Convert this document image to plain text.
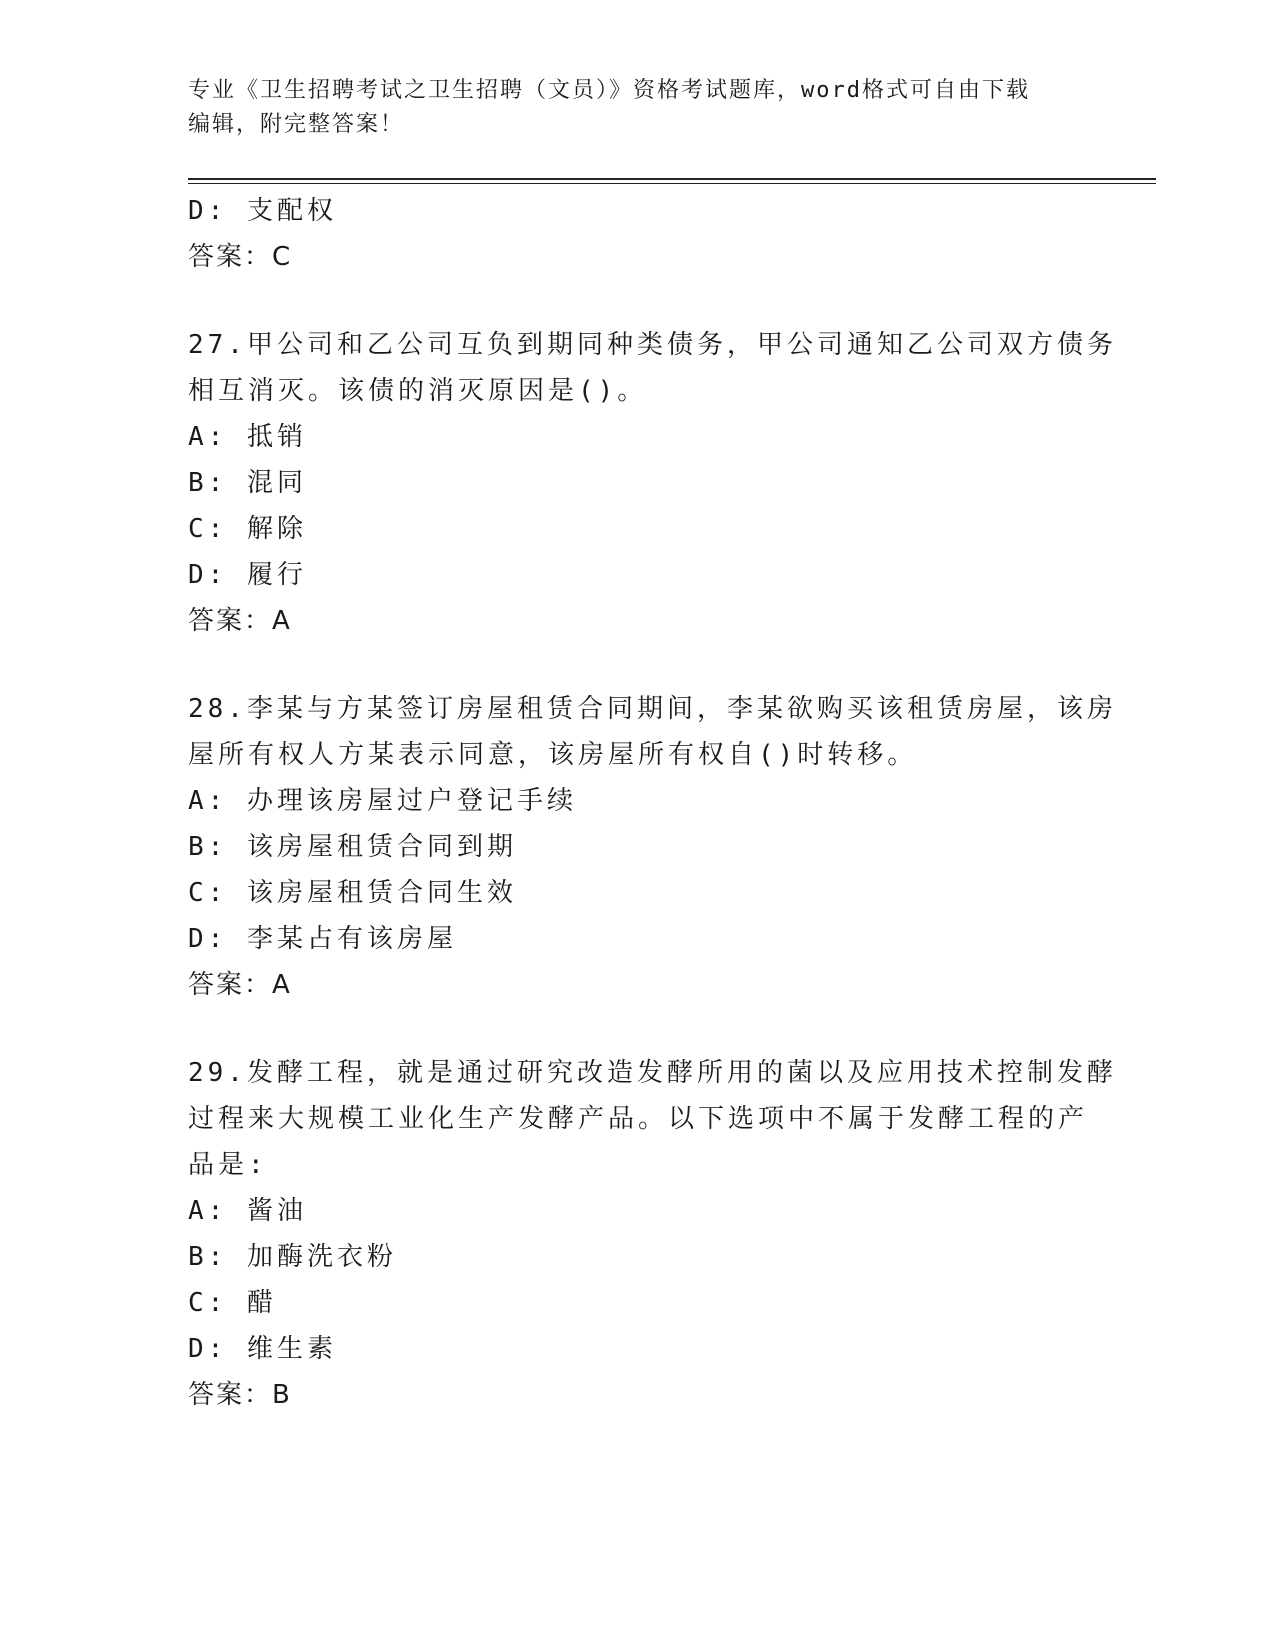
专业《卫生招聘考试之卫生招聘（文员）》资格考试题库，word格式可自由下载
编辑，附完整答案！
D: 支配权
答案：C
27.甲公司和乙公司互负到期同种类债务，甲公司通知乙公司双方债务
相互消灭。该债的消灭原因是()。
A: 抵销
B: 混同
C: 解除
D: 履行
答案：A
28.李某与方某签订房屋租赁合同期间，李某欲购买该租赁房屋，该房
屋所有权人方某表示同意，该房屋所有权自()时转移。
A: 办理该房屋过户登记手续
B: 该房屋租赁合同到期
C: 该房屋租赁合同生效
D: 李某占有该房屋
答案：A
29.发酵工程，就是通过研究改造发酵所用的菌以及应用技术控制发酵
过程来大规模工业化生产发酵产品。以下选项中不属于发酵工程的产
品是:
A: 酱油
B: 加酶洗衣粉
C: 醋
D: 维生素
答案：B
